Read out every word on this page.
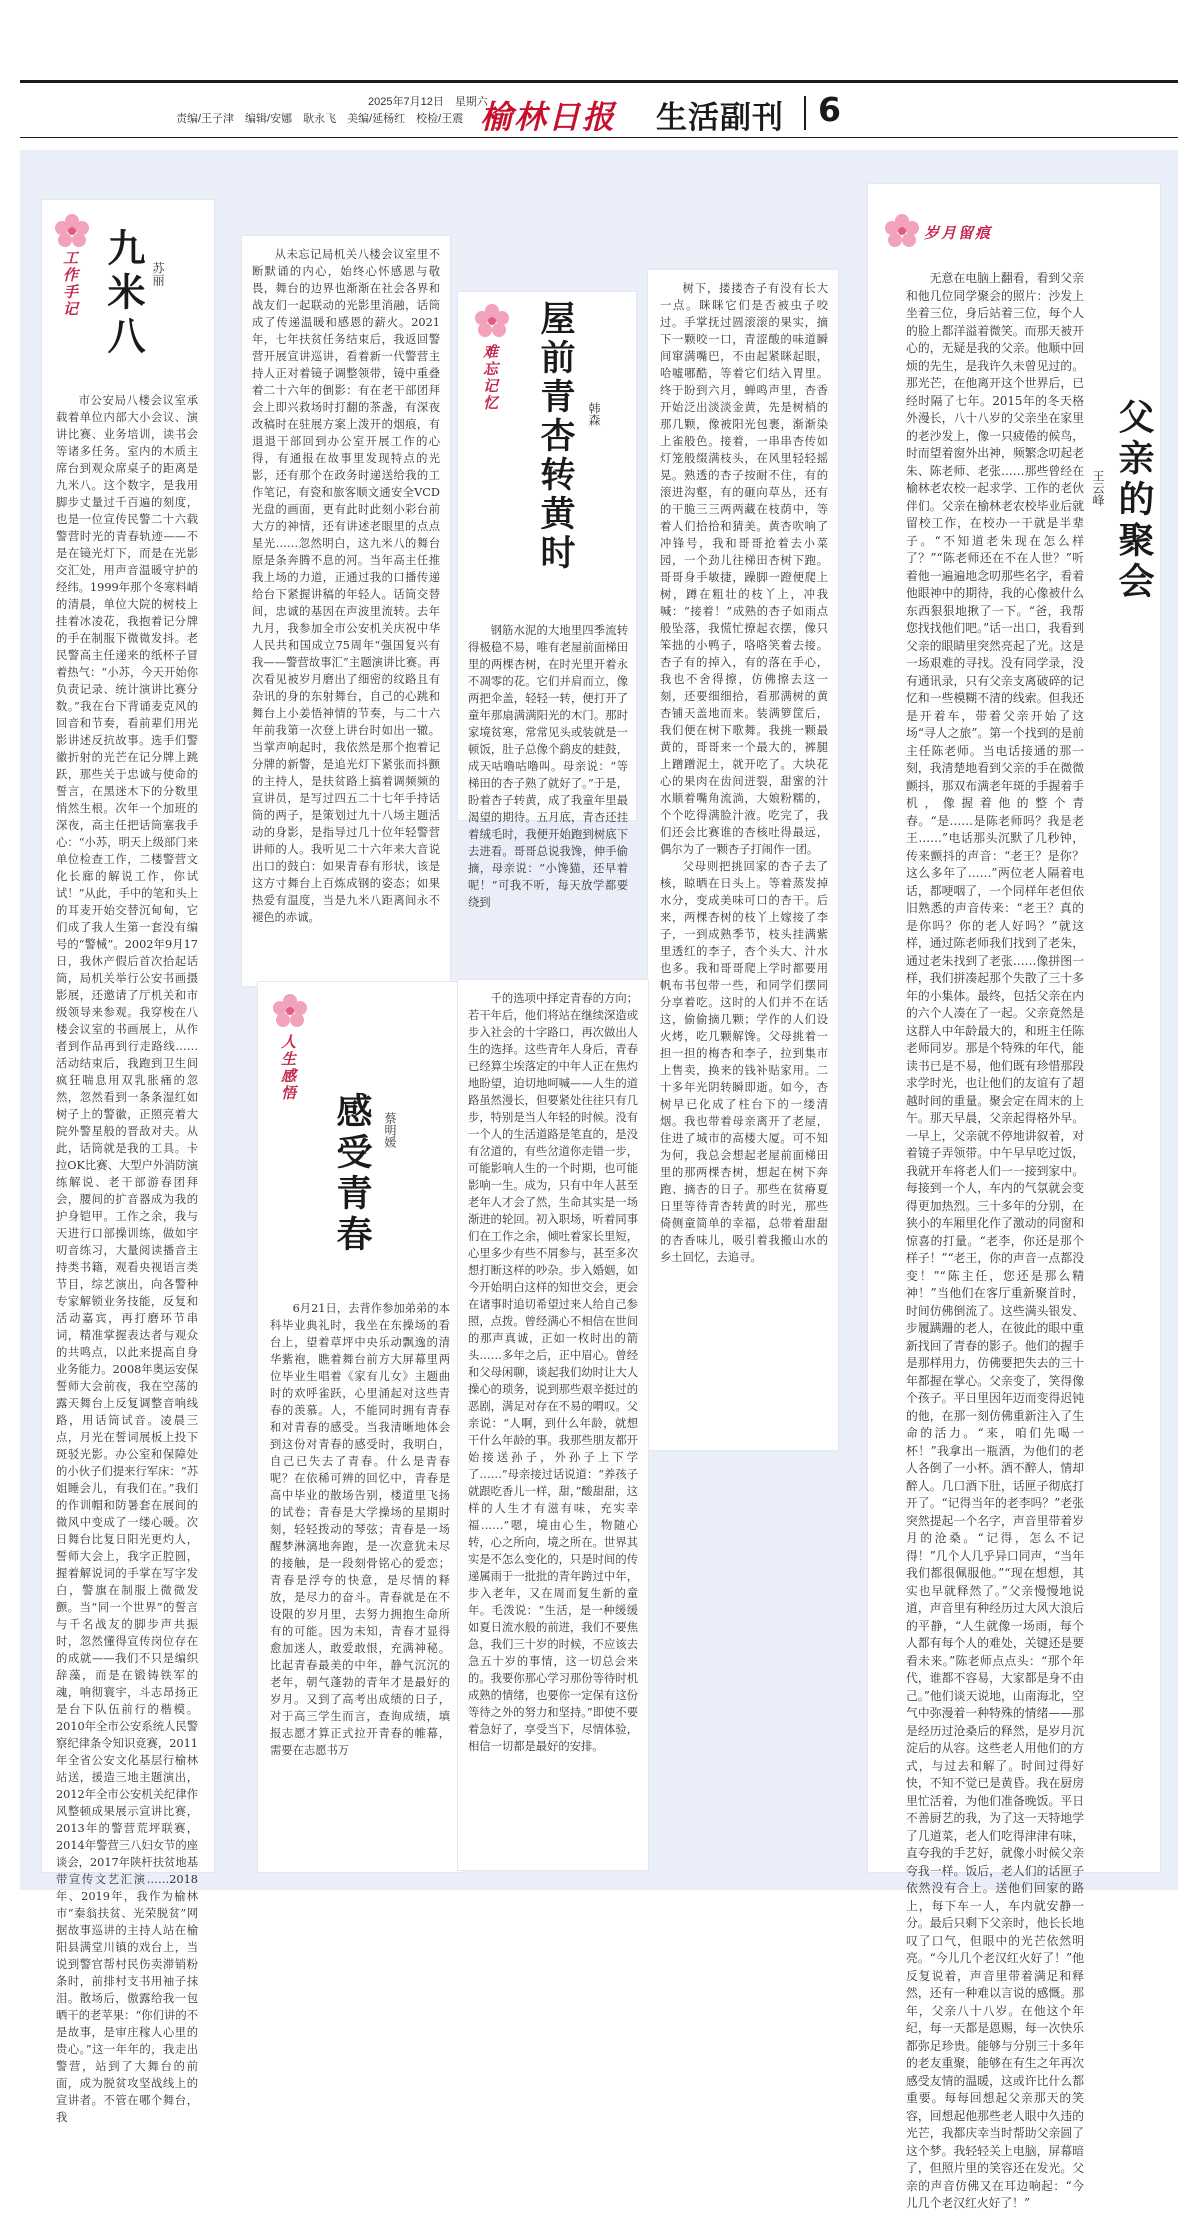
2025年7月12日　星期六
责编/王子津　编辑/安娜　耿永飞　美编/延杨红　校检/王震 榆林日报 生活副刊 6
工作手记 九米八 苏丽

市公安局八楼会议室承载着单位内部大小会议、演讲比赛、业务培训，读书会等诸多任务。室内的木质主席台到观众席桌子的距离是九米八。这个数字，是我用脚步丈量过千百遍的刻度，也是一位宣传民警二十六载警营时光的青春轨迹——不是在镜光灯下，而是在光影交汇处，用声音温暖守护的经纬。1999年那个冬寒料峭的清晨，单位大院的树枝上挂着冰凌花，我抱着记分牌的手在制服下微微发抖。老民警高主任递来的纸杯子冒着热气：“小苏，今天开始你负责记录、统计演讲比赛分数。”我在台下背诵麦克风的回音和节奏，看前辈们用光影讲述反抗故事。选手们警徽折射的光芒在记分牌上跳跃，那些关于忠诚与使命的誓言，在黑迷木下的分数里悄然生根。次年一个加班的深夜，高主任把话筒塞我手心：“小苏，明天上级部门来单位检查工作，二楼警营文化长廊的解说工作，你试试！”从此，手中的笔和头上的耳麦开始交替沉甸甸，它们成了我人生第一套没有编号的“警械”。2002年9月17日，我休产假后首次拾起话筒，局机关举行公安书画摄影展，还邀请了厅机关和市级领导来参观。我穿梭在八楼会议室的书画展上，从作者到作品再到行走路线……活动结束后，我跑到卫生间疯狂喘息用双乳胀痛的忽然，忽然看到一条条湿红如树子上的警徽，正照亮着大院外警星般的晋敌对夫。从此，话筒就是我的工具。卡拉OK比赛、大型户外消防演练解说、老干部游春团拜会，腰间的扩音器成为我的护身铠甲。工作之余，我与天进行口部操训练，做如宇叨音练习，大量阅读播音主持类书籍，观看央视语言类节目，综艺演出，向各警种专家解锁业务技能，反复和活动嘉宾，再打磨环节串词，精准掌握表达者与观众的共鸣点，以此来提高自身业务能力。2008年奥运安保誓师大会前夜，我在空荡的露天舞台上反复调整音响线路，用话筒试音。凌晨三点，月光在誓词展板上投下斑驳光影。办公室和保障处的小伙子们提来行军床：“苏姐睡会儿，有我们在。”我们的作训帽和防暑套在展间的微风中变成了一缕心暖。次日舞台比复日阳光更灼人，誓师大会上，我字正腔圆，握着解说词的手掌在写字发白，警旗在制服上微微发颤。当“同一个世界”的誓言与千名战友的脚步声共振时，忽然懂得宣传岗位存在的成就——我们不只是编织辞藻，而是在锻铸铁军的魂，响彻寰宇，斗志昂扬正是台下队伍前行的楷模。2010年全市公安系统人民警察纪律条令知识竞赛，2011年全省公安文化基层行榆林站送，援造三地主题演出，2012年全市公安机关纪律作风整顿成果展示宣讲比赛，2013年的警营荒坪联赛，2014年警营三八妇女节的座谈会，2017年陕杆扶贫地基带宣传文艺汇演……2018年、2019年，我作为榆林市“秦翁扶贫、光荣脱贫”网据故事巡讲的主持人站在榆阳县满堂川镇的戏台上，当说到警官帮村民伤卖滞销粉条时，前排村支书用袖子抹泪。散场后，傲露给我一包晒干的老苹果：“你们讲的不是故事，是审庄稼人心里的贵心。”这一年年的，我走出警营，站到了大舞台的前面，成为脱贫攻坚战线上的宣讲者。不管在哪个舞台，我

从未忘记局机关八楼会议室里不断默诵的内心，始终心怀感恩与敬畏，舞台的边界也渐渐在社会各界和战友们一起联动的光影里消融，话筒成了传递温暖和感恩的薪火。2021年，七年扶贫任务结束后，我返回警营开展宣讲巡讲，看着新一代警营主持人正对着镜子调整领带，镜中重叠着二十六年的倒影：有在老干部团拜会上即兴救场时打翻的茶盏，有深夜改稿时在驻展方案上泼开的烟痕，有退退干部回到办公室开展工作的心得，有通报在故事里发现特点的光影，还有那个在政务时递送给我的工作笔记，有瓷和旅客顺文通安全VCD光盘的画面，更有此时此刻小彩台前大方的神情，还有讲述老眼里的点点星光……忽然明白，这九米八的舞台原是条奔腾不息的河。当年高主任推我上场的力道，正通过我的口播传递给台下紧握讲稿的年轻人。话筒交替间，忠诚的基因在声波里流转。去年九月，我参加全市公安机关庆祝中华人民共和国成立75周年“强国复兴有我——警营故事汇”主题演讲比赛。再次看见被岁月磨出了细密的纹路且有杂讯的身的东射舞台，自己的心跳和舞台上小姜悟神情的节奏，与二十六年前我第一次登上讲台时如出一辙。当掌声响起时，我依然是那个抱着记分牌的新警，是追光灯下紧张而抖颤的主持人，是扶贫路上搞着调频频的宣讲员，是写过四五二十七年手持话筒的两子，是策划过九十八场主题活动的身影，是指导过几十位年轻警营讲师的人。我听见二十六年来大音说出口的鼓白：如果青春有形状，该是这方寸舞台上百炼成钢的姿态；如果热爱有温度，当是九米八距离间永不褪色的赤诚。

难忘记忆 屋前青杏转黄时	韩森

钢筋水泥的大地里四季流转得极稳不易，唯有老屋前面梯田里的两棵杏树，在时光里开着永不凋零的花。它们并肩而立，像两把伞盖，轻轻一转，便打开了童年那扇满满阳光的木门。那时家境贫寒，常常见头或装就是一顿饭，肚子总像个鹞皮的蛙鼓，成天咕噜咕噜叫。母亲说：“等梯田的杏子熟了就好了。”于是，盼着杏子转黄，成了我童年里最渴望的期待。五月底，青杏还挂着绒毛时，我便开始跑到树底下去进看。哥哥总说我馋，伸手偷摘，母亲说：“小馋猫，还早着呢！”可我不听，每天放学都要绕到

树下，搂搂杏子有没有长大一点。眯眯它们是否被虫子咬过。手掌抚过圆滚滚的果实，摘下一颗咬一口，青涩酸的味道瞬间窜满嘴巴，不由起紧眯起眼，哈嘘哪酷，等着它们结入胃里。终于盼到六月，蝉鸣声里，杏香开始泛出淡淡金黄，先是树梢的那几颗，像被阳光包裹，渐渐染上雀般色。接着，一串串杏传如灯笼般缀满枝头，在风里轻轻摇晃。熟透的杏子按耐不住，有的滚进沟壑，有的砸向草丛，还有的干脆三三两两藏在枝荫中，等着人们拾拾和猜美。黄杏吹响了冲锋号，我和哥哥抢着去小菜园，一个劲儿往梯田杏树下跑。哥哥身手敏捷，躁脚一蹬便爬上树，蹲在粗壮的枝丫上，冲我喊：“接着！”成熟的杏子如雨点般坠落，我慌忙撩起衣摆，像只笨拙的小鸭子，咯咯笑着去接。杏子有的掉入，有的落在手心，我也不舍得擦，仿佛擦去这一刻，还要细细拾，看那满树的黄杏铺天盖地而来。装满箩筐后，我们便在树下歌舞。我挑一颗最黄的，哥哥来一个最大的，裤腿上蹭蹭泥土，就开吃了。大块花心的果肉在齿间迸裂，甜蜜的汁水顺着嘴角流淌，大娘粉糯的，个个吃得满脸汁液。吃完了，我们还会比赛谁的杏核吐得最远，偶尔为了一颗杏子打闹作一团。

父母则把挑回家的杏子去了核，晾晒在日头上。等着蒸发掉水分，变成美味可口的杏干。后来，两棵杏树的枝丫上嫁接了李子，一到成熟季节，枝头挂满紫里透红的李子，杏个头大、汁水也多。我和哥哥爬上学时都要用帆布书包带一些，和同学们摆同分享着吃。这时的人们并不在话这，偷偷摘几颗；学作的人们设火烤，吃几颗解馋。父母挑着一担一担的梅杏和李子，拉到集市上售卖，换来的钱补贴家用。二十多年光阴转瞬即逝。如今，杏树早已化成了柱台下的一缕清烟。我也带着母亲离开了老屋，住进了城市的高楼大厦。可不知为何，我总会想起老屋前面梯田里的那两棵杏树，想起在树下奔跑、摘杏的日子。那些在贫瘠夏日里等待青杏转黄的时光，那些倚侧童简单的幸福，总带着甜甜的杏香味儿，吸引着我搬山水的乡土回忆，去追寻。

人生感悟
感受青春 蔡明媛

6月21日，去背作参加弟弟的本科毕业典礼时，我坐在东操场的看台上，望着草坪中央乐动飘逸的清华紫袍，瞧着舞台前方大屏幕里两位毕业生唱着《家有儿女》主题曲时的欢呼雀跃，心里涌起对这些青春的羡慕。人，不能同时拥有青春和对青春的感受。当我清晰地体会到这份对青春的感受时，我明白，自己已失去了青春。什么是青春呢？在依稀可辨的回忆中，青春是高中毕业的散场告别，楼道里飞扬的试卷；青春是大学操场的星期时刻，轻轻拨动的琴弦；青春是一场醒梦淋漓地奔跑，是一次意犹未尽的接触，是一段刻骨铭心的爱恋；青春是浮夸的快意，是尽情的释放，是尽力的奋斗。青春就是在不设限的岁月里，去努力拥抱生命所有的可能。因为未知，青春才显得愈加迷人，敢爱敢恨，充满神秘。比起青春最美的中年，静气沉沉的老年，朝气蓬勃的青年才是最好的岁月。又到了高考出成绩的日子，对于高三学生而言，查询成绩，填报志愿才算正式拉开青春的帷幕，需要在志愿书万

千的选项中择定青春的方向；若干年后，他们将站在继续深造或步入社会的十字路口，再次做出人生的选择。这些青年人身后，青春已经算尘埃落定的中年人正在焦灼地盼望，迫切地呵喊——人生的道路虽然漫长，但要紧处往往只有几步，特别是当人年轻的时候。没有一个人的生活道路是笔直的，是没有岔道的，有些岔道你走错一步，可能影响人生的一个时期，也可能影响一生。成为，只有中年人甚至老年人才会了然，生命其实是一场渐进的轮回。初入职场，听着同事们在工作之余，倾吐着家长里短，心里多少有些不屑参与，甚至多次想打断这样的吵杂。步入婚姻，如今开始明白这样的知世交会，更会在诸事时追切希望过来人给自己参照，点拨。曾经满心不相信在世间的那声真诚，正如一枚时出的箭头……多年之后，正中眉心。曾经和父母闲聊，谈起我们幼时让大人操心的琐务，说到那些艰辛挺过的恶剧，满足对存在不易的喟叹。父亲说：“人啊，到什么年龄，就想干什么年龄的事。我那些朋友都开始接送孙子，外孙子上下学了……”母亲接过话说道：“养孩子就跟吃香儿一样，甜，”酸甜甜，这样的人生才有滋有味，充实幸福……”嗯，境由心生，物随心转，心之所向，境之所在。世界其实是不怎么变化的，只是时间的传递属雨于一批批的青年跨过中年，步入老年，又在周而复生新的童年。毛泼说：“生活，是一种缓缓如夏日流水般的前进，我们不要焦急，我们三十岁的时候，不应该去急五十岁的事情，这一切总会来的。我要你那心学习那份等待时机成熟的情绪，也要你一定保有这份等待之外的努力和坚持。”即使不要着急好了，享受当下，尽情体验，相信一切都是最好的安排。

岁月留痕
父亲的聚会
王云峰

无意在电脑上翻看，看到父亲和他几位同学聚会的照片：沙发上坐着三位，身后站着三位，每个人的脸上都洋溢着微笑。而那天被开心的，无疑是我的父亲。他顺中回烦的先生，是我许久未曾见过的。那光芒，在他离开这个世界后，已经时隔了七年。2015年的冬天格外漫长，八十八岁的父亲坐在家里的老沙发上，像一只疲倦的候鸟，时而望着窗外出神，频繁念叨起老朱、陈老师、老张……那些曾经在榆林老农校一起求学、工作的老伙伴们。父亲在榆林老农校毕业后就留校工作，在校办一干就是半辈子。“不知道老朱现在怎么样了？”“陈老师还在不在人世？”听着他一遍遍地念叨那些名字，看着他眼神中的期待，我的心像被什么东西狠狠地揪了一下。“爸，我帮您找找他们吧。”话一出口，我看到父亲的眼睛里突然亮起了光。这是一场艰难的寻找。没有同学录，没有通讯录，只有父亲支离破碎的记忆和一些模糊不清的线索。但我还是开着车，带着父亲开始了这场“寻人之旅”。第一个找到的是前主任陈老师。当电话接通的那一刻，我清楚地看到父亲的手在微微颤抖，那双布满老年斑的手握着手机，像握着他的整个青春。“是……是陈老师吗？我是老王……”电话那头沉默了几秒钟，传来颤抖的声音：“老王？是你？这么多年了……”两位老人隔着电话，都哽咽了，一个同样年老但依旧熟悉的声音传来：“老王？真的是你吗？你的老人好吗？”就这样，通过陈老师我们找到了老朱，通过老朱找到了老张……像拼图一样，我们拼凑起那个失散了三十多年的小集体。最终，包括父亲在内的六个人凑在了一起。父亲竟然是这群人中年龄最大的，和班主任陈老师同岁。那是个特殊的年代，能读书已是不易，他们既有珍惜那段求学时光，也让他们的友谊有了超越时间的重量。聚会定在周末的上午。那天早晨，父亲起得格外早。一早上，父亲就不停地讲叙着，对着镜子弄领带。中午早早吃过饭，我就开车将老人们一一接到家中。每接到一个人，车内的气氛就会变得更加热烈。三十多年的分别，在狭小的车厢里化作了激动的同窗和惊喜的打量。“老李，你还是那个样子！”“老王，你的声音一点都没变！”“陈主任，您还是那么精神！”当他们在客厅重新聚首时，时间仿佛倒流了。这些满头银发、步履蹒跚的老人，在彼此的眼中重新找回了青春的影子。他们的握手是那样用力，仿佛要把失去的三十年都握在掌心。父亲变了，笑得像个孩子。平日里因年迈而变得迟钝的他，在那一刻仿佛重新注入了生命的活力。“来，咱们先喝一杯！”我拿出一瓶酒，为他们的老人各倒了一小杯。酒不醉人，情却醉人。几口酒下肚，话匣子彻底打开了。“记得当年的老李吗？”老张突然提起一个名字，声音里带着岁月的沧桑。“记得，怎么不记得！”几个人几乎异口同声，“当年我们都很佩服他。”“现在想想，其实也早就释然了。”父亲慢慢地说道，声音里有种经历过大风大浪后的平静，“人生就像一场雨，每个人都有每个人的难处，关键还是要看未来。”陈老师点点头：“那个年代，谁都不容易，大家都是身不由己。”他们谈天说地，山南海北，空气中弥漫着一种特殊的情绪——那是经历过沧桑后的释然，是岁月沉淀后的从容。这些老人用他们的方式，与过去和解了。时间过得好快，不知不觉已是黄昏。我在厨房里忙活着，为他们准备晚饭。平日不善厨艺的我，为了这一天特地学了几道菜，老人们吃得津津有味，直夸我的手艺好，就像小时候父亲夸我一样。饭后，老人们的话匣子依然没有合上。送他们回家的路上，每下车一人，车内就安静一分。最后只剩下父亲时，他长长地叹了口气，但眼中的光芒依然明亮。“今儿几个老汉红火好了！”他反复说着，声音里带着满足和释然，还有一种难以言说的感慨。那年，父亲八十八岁。在他这个年纪，每一天都是恩赐，每一次快乐都弥足珍贵。能够与分别三十多年的老友重聚，能够在有生之年再次感受友情的温暖，这或许比什么都重要。每每回想起父亲那天的笑容，回想起他那些老人眼中久违的光芒，我都庆幸当时帮助父亲圆了这个梦。我轻轻关上电脑，屏幕暗了，但照片里的笑容还在发光。父亲的声音仿佛又在耳边响起：“今儿几个老汉红火好了！”
